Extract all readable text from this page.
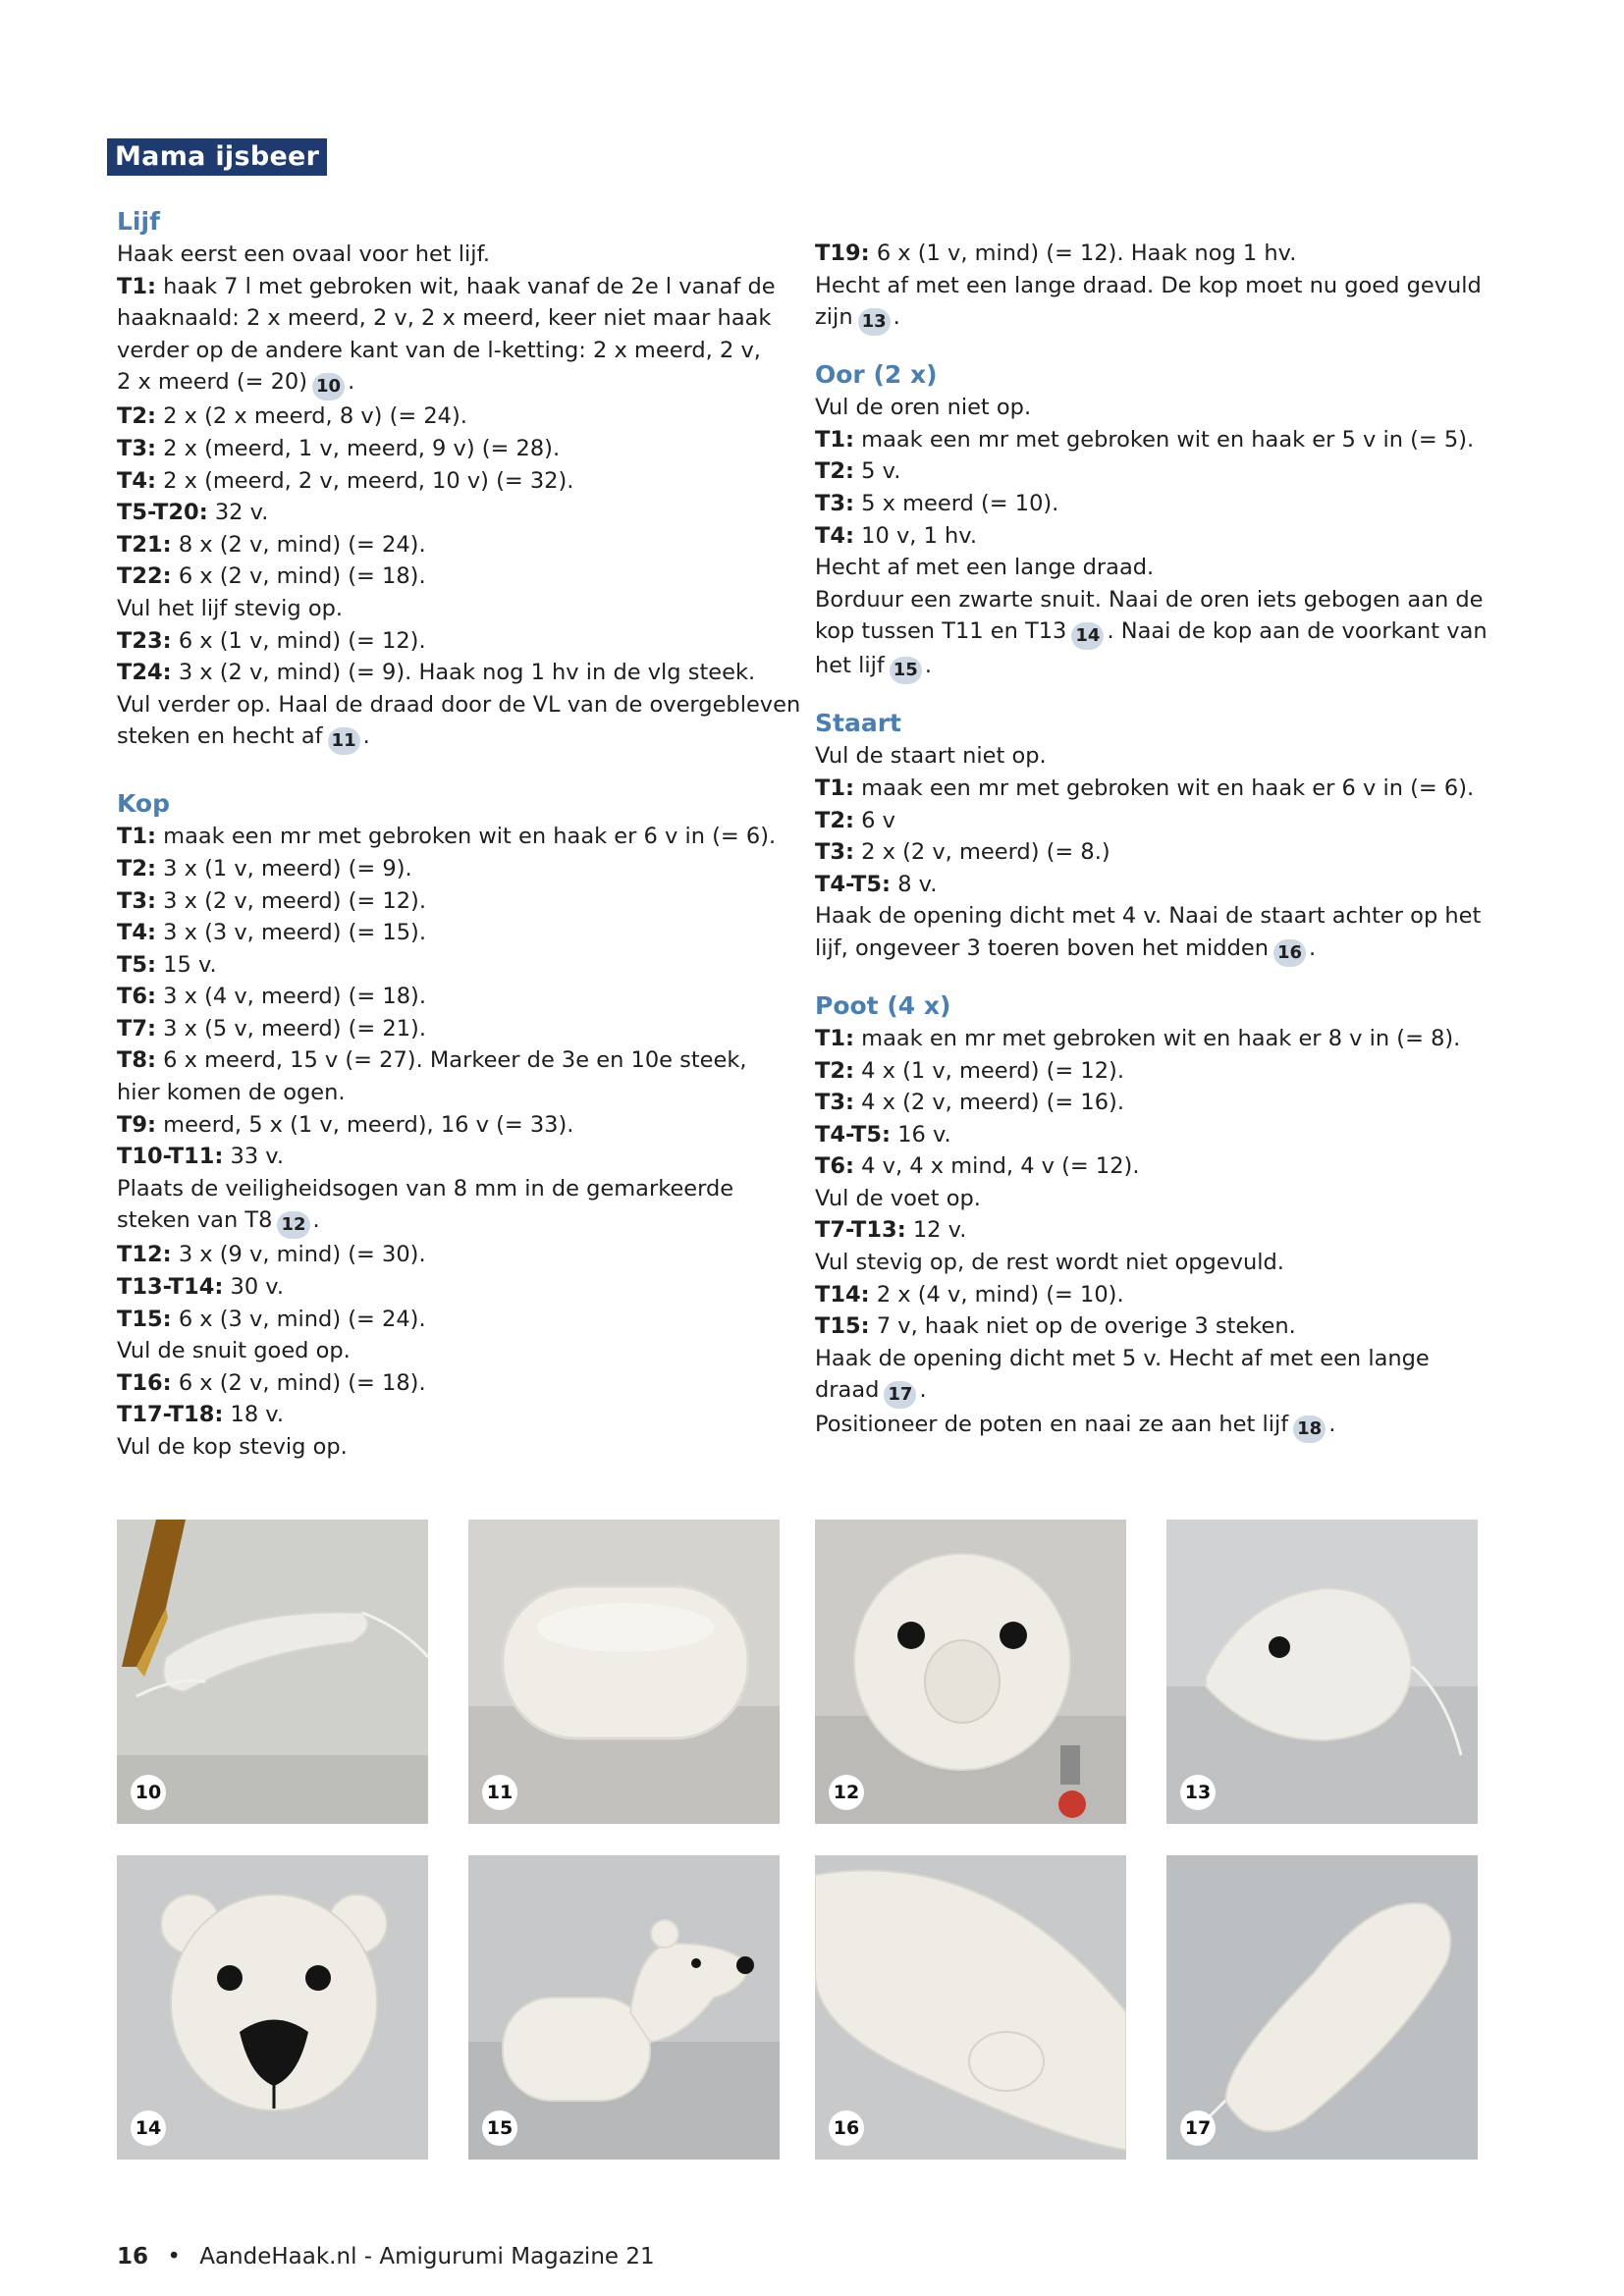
Mama ijsbeer
Lijf
Haak eerst een ovaal voor het lijf.
T1: haak 7 l met gebroken wit, haak vanaf de 2e l vanaf de
haaknaald: 2 x meerd, 2 v, 2 x meerd, keer niet maar haak
verder op de andere kant van de l-ketting: 2 x meerd, 2 v,
2 x meerd (= 20) 10 .
T2: 2 x (2 x meerd, 8 v) (= 24).
T3: 2 x (meerd, 1 v, meerd, 9 v) (= 28).
T4: 2 x (meerd, 2 v, meerd, 10 v) (= 32).
T5-T20: 32 v.
T21: 8 x (2 v, mind) (= 24).
T22: 6 x (2 v, mind) (= 18).
Vul het lijf stevig op.
T23: 6 x (1 v, mind) (= 12).
T24: 3 x (2 v, mind) (= 9). Haak nog 1 hv in de vlg steek.
Vul verder op. Haal de draad door de VL van de overgebleven
steken en hecht af 11 .
Kop
T1: maak een mr met gebroken wit en haak er 6 v in (= 6).
T2: 3 x (1 v, meerd) (= 9).
T3: 3 x (2 v, meerd) (= 12).
T4: 3 x (3 v, meerd) (= 15).
T5: 15 v.
T6: 3 x (4 v, meerd) (= 18).
T7: 3 x (5 v, meerd) (= 21).
T8: 6 x meerd, 15 v (= 27). Markeer de 3e en 10e steek,
hier komen de ogen.
T9: meerd, 5 x (1 v, meerd), 16 v (= 33).
T10-T11: 33 v.
Plaats de veiligheidsogen van 8 mm in de gemarkeerde
steken van T8 12 .
T12: 3 x (9 v, mind) (= 30).
T13-T14: 30 v.
T15: 6 x (3 v, mind) (= 24).
Vul de snuit goed op.
T16: 6 x (2 v, mind) (= 18).
T17-T18: 18 v.
Vul de kop stevig op.
T19: 6 x (1 v, mind) (= 12). Haak nog 1 hv.
Hecht af met een lange draad. De kop moet nu goed gevuld
zijn 13 .
Oor (2 x)
Vul de oren niet op.
T1: maak een mr met gebroken wit en haak er 5 v in (= 5).
T2: 5 v.
T3: 5 x meerd (= 10).
T4: 10 v, 1 hv.
Hecht af met een lange draad.
Borduur een zwarte snuit. Naai de oren iets gebogen aan de
kop tussen T11 en T13 14 . Naai de kop aan de voorkant van
het lijf 15 .
Staart
Vul de staart niet op.
T1: maak een mr met gebroken wit en haak er 6 v in (= 6).
T2: 6 v
T3: 2 x (2 v, meerd) (= 8.)
T4-T5: 8 v.
Haak de opening dicht met 4 v. Naai de staart achter op het
lijf, ongeveer 3 toeren boven het midden 16 .
Poot (4 x)
T1: maak en mr met gebroken wit en haak er 8 v in (= 8).
T2: 4 x (1 v, meerd) (= 12).
T3: 4 x (2 v, meerd) (= 16).
T4-T5: 16 v.
T6: 4 v, 4 x mind, 4 v (= 12).
Vul de voet op.
T7-T13: 12 v.
Vul stevig op, de rest wordt niet opgevuld.
T14: 2 x (4 v, mind) (= 10).
T15: 7 v, haak niet op de overige 3 steken.
Haak de opening dicht met 5 v. Hecht af met een lange
draad 17 .
Positioneer de poten en naai ze aan het lijf 18 .
10	11	12	13
14	15	16	17
16 • AandeHaak.nl - Amigurumi Magazine 21
